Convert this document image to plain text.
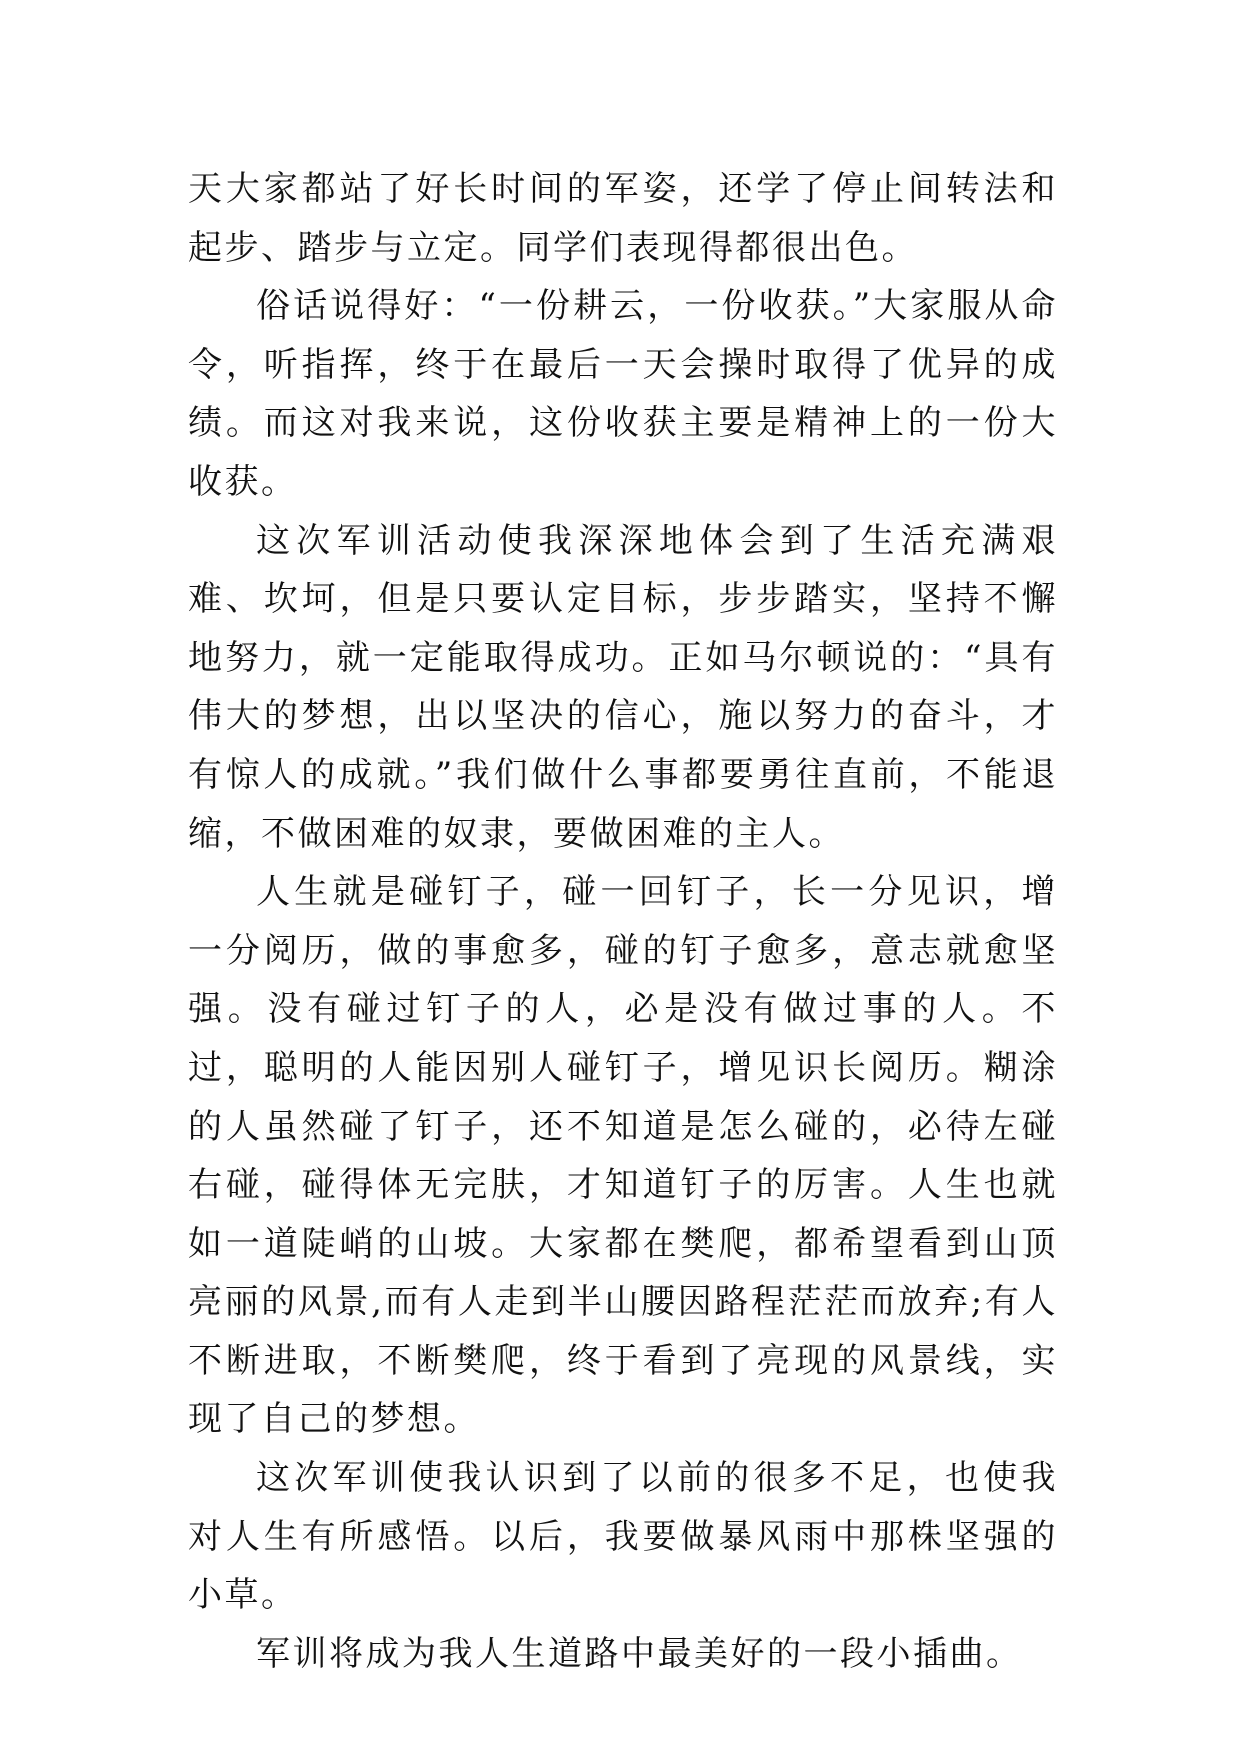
天大家都站了好长时间的军姿，还学了停止间转法和起步、踏步与立定。同学们表现得都很出色。

俗话说得好：“一份耕云，一份收获。”大家服从命令，听指挥，终于在最后一天会操时取得了优异的成绩。而这对我来说，这份收获主要是精神上的一份大收获。

这次军训活动使我深深地体会到了生活充满艰难、坎坷，但是只要认定目标，步步踏实，坚持不懈地努力，就一定能取得成功。正如马尔顿说的：“具有伟大的梦想，出以坚决的信心，施以努力的奋斗，才有惊人的成就。”我们做什么事都要勇往直前，不能退缩，不做困难的奴隶，要做困难的主人。

人生就是碰钉子，碰一回钉子，长一分见识，增一分阅历，做的事愈多，碰的钉子愈多，意志就愈坚强。没有碰过钉子的人，必是没有做过事的人。不过，聪明的人能因别人碰钉子，增见识长阅历。糊涂的人虽然碰了钉子，还不知道是怎么碰的，必待左碰右碰，碰得体无完肤，才知道钉子的厉害。人生也就如一道陡峭的山坡。大家都在樊爬，都希望看到山顶亮丽的风景,而有人走到半山腰因路程茫茫而放弃;有人不断进取，不断樊爬，终于看到了亮现的风景线，实现了自己的梦想。

这次军训使我认识到了以前的很多不足，也使我对人生有所感悟。以后，我要做暴风雨中那株坚强的小草。

军训将成为我人生道路中最美好的一段小插曲。
